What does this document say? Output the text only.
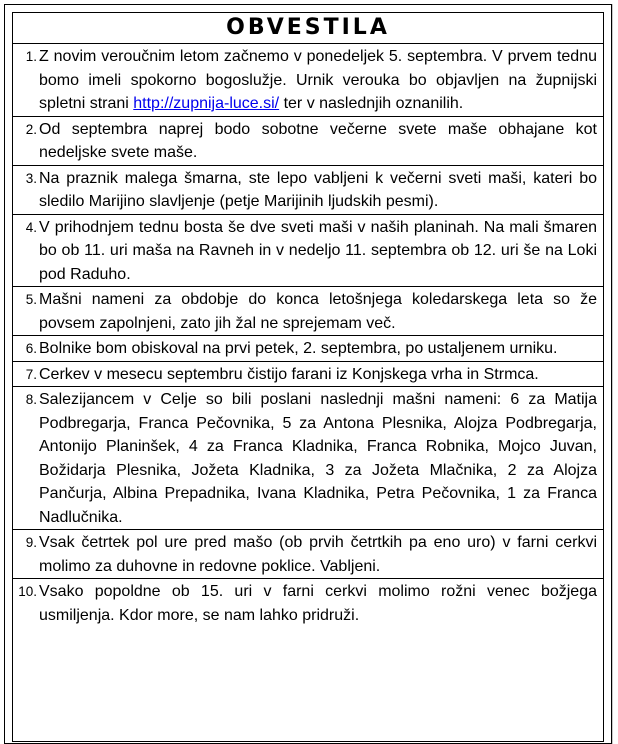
OBVESTILA
1. Z novim veroučnim letom začnemo v ponedeljek 5. septembra. V prvem tednu bomo imeli spokorno bogoslužje. Urnik verouka bo objavljen na župnijski spletni strani http://zupnija-luce.si/ ter v naslednjih oznanilih.
2. Od septembra naprej bodo sobotne večerne svete maše obhajane kot nedeljske svete maše.
3. Na praznik malega šmarna, ste lepo vabljeni k večerni sveti maši, kateri bo sledilo Marijino slavljenje (petje Marijinih ljudskih pesmi).
4. V prihodnjem tednu bosta še dve sveti maši v naših planinah. Na mali šmaren bo ob 11. uri maša na Ravneh in v nedeljo 11. septembra ob 12. uri še na Loki pod Raduho.
5. Mašni nameni za obdobje do konca letošnjega koledarskega leta so že povsem zapolnjeni, zato jih žal ne sprejemam več.
6. Bolnike bom obiskoval na prvi petek, 2. septembra, po ustaljenem urniku.
7. Cerkev v mesecu septembru čistijo farani iz Konjskega vrha in Strmca.
8. Salezijancem v Celje so bili poslani naslednji mašni nameni: 6 za Matija Podbregarja, Franca Pečovnika, 5 za Antona Plesnika, Alojza Podbregarja, Antonijo Planinšek, 4 za Franca Kladnika, Franca Robnika, Mojco Juvan, Božidarja Plesnika, Jožeta Kladnika, 3 za Jožeta Mlačnika, 2 za Alojza Pančurja, Albina Prepadnika, Ivana Kladnika, Petra Pečovnika, 1 za Franca Nadlučnika.
9. Vsak četrtek pol ure pred mašo (ob prvih četrtkih pa eno uro) v farni cerkvi molimo za duhovne in redovne poklice. Vabljeni.
10. Vsako popoldne ob 15. uri v farni cerkvi molimo rožni venec božjega usmiljenja. Kdor more, se nam lahko pridruži.
